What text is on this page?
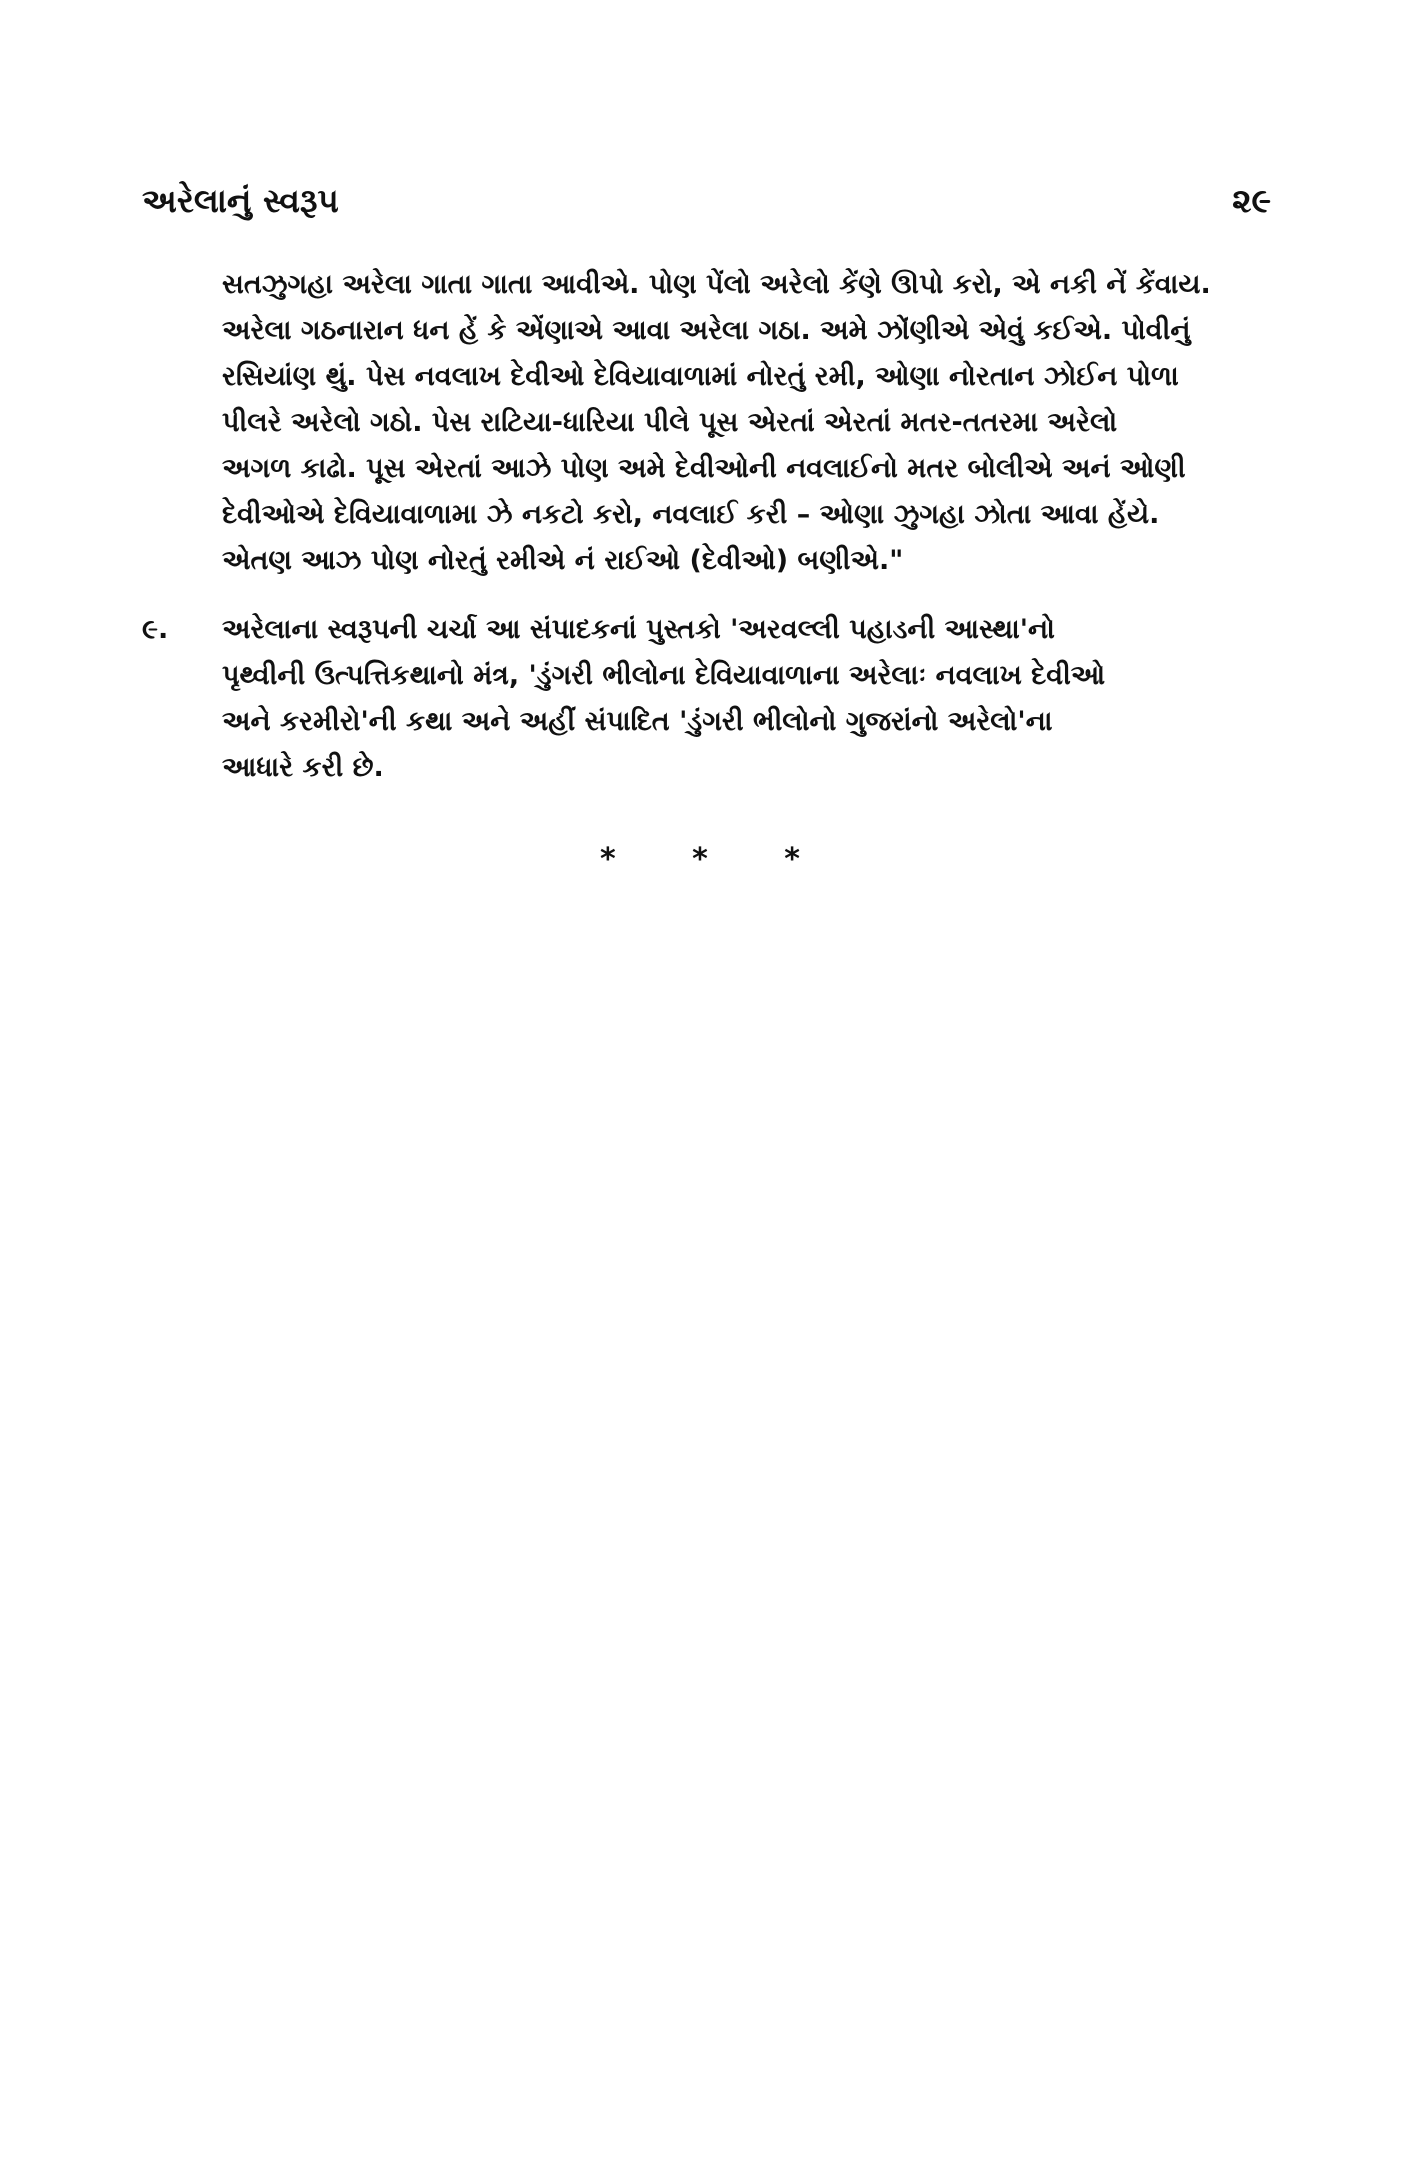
અરેલાનું સ્વરૂપ	૨૯
સતઝુગહા અરેલા ગાતા ગાતા આવીએ. પોણ પેંલો અરેલો કેંણે ઊપો કરો, એ નકી નેં કેંવાય.
અરેલા ગઠનારાન ધન હેં કે એંણાએ આવા અરેલા ગઠા. અમે ઝોંણીએ એવું કઈએ. પોવીનું
રસિયાંણ થું. પેસ નવલાખ દેવીઓ દેવિયાવાળામાં નોરતું રમી, ઓણા નોરતાન ઝોઈન પોળા
પીલરે અરેલો ગઠો. પેસ રાટિયા-ધારિયા પીલે પૂસ એરતાં એરતાં મતર-તતરમા અરેલો
અગળ કાઢો. પૂસ એરતાં આઝે પોણ અમે દેવીઓની નવલાઈનો મતર બોલીએ અનં ઓણી
દેવીઓએ દેવિયાવાળામા ઝે નકટો કરો, નવલાઈ કરી – ઓણા ઝુગહા ઝોતા આવા હેંયે.
એતણ આઝ પોણ નોરતું રમીએ નં રાઈઓ (દેવીઓ) બણીએ."
૯. અરેલાના સ્વરૂપની ચર્ચા આ સંપાદકનાં પુસ્તકો 'અરવલ્લી પહાડની આસ્થા'નો
પૃથ્વીની ઉત્પત્તિકથાનો મંત્ર, 'ડુંગરી ભીલોના દેવિયાવાળાના અરેલાઃ નવલાખ દેવીઓ
અને કરમીરો'ની કથા અને અહીં સંપાદિત 'ડુંગરી ભીલોનો ગુજરાંનો અરેલો'ના
આધારે કરી છે.
*	*	*
